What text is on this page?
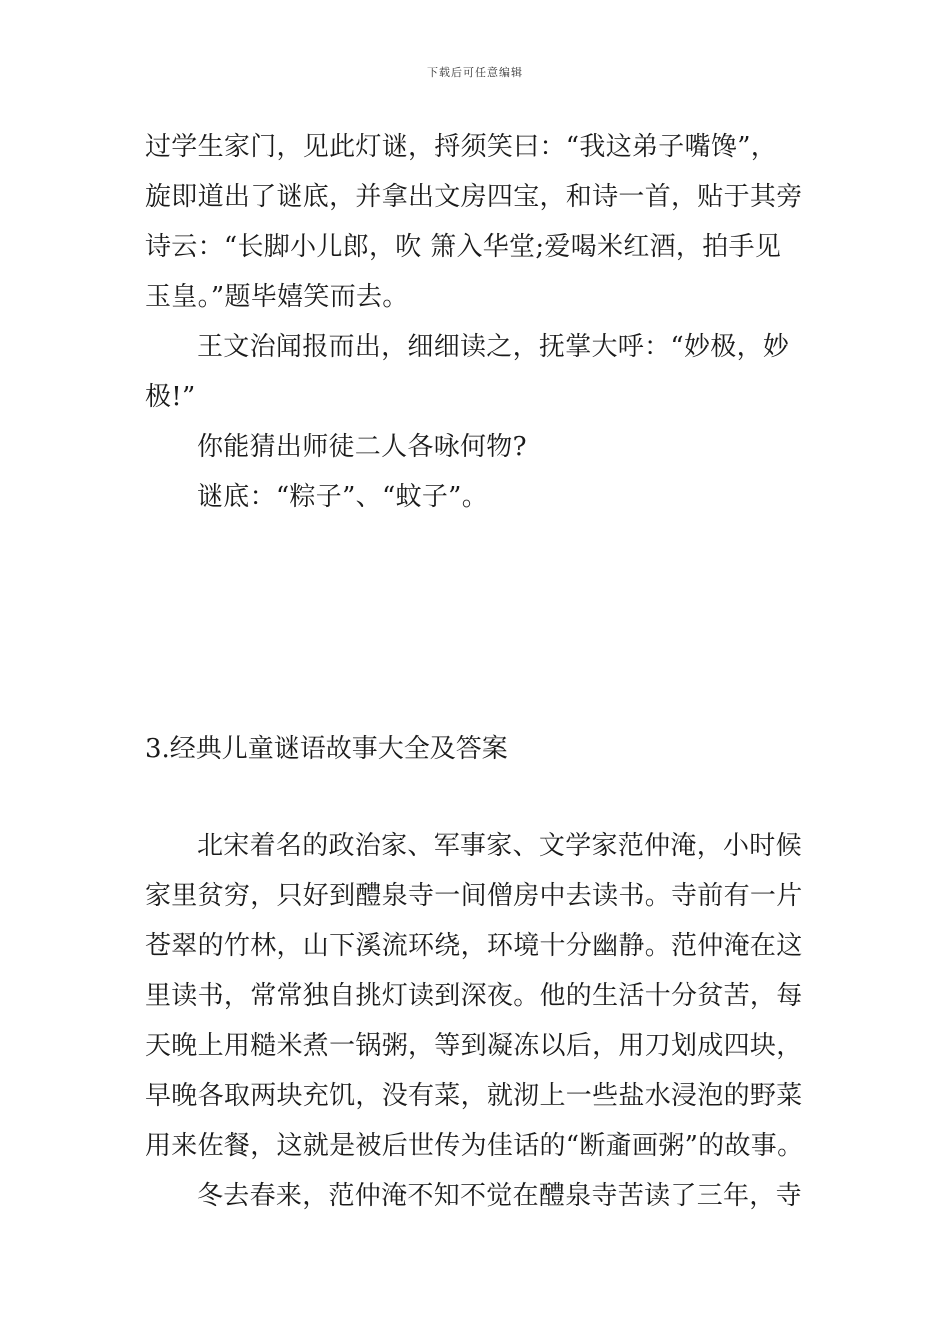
下载后可任意编辑
过学生家门，见此灯谜，捋须笑曰：“我这弟子嘴馋”，
旋即道出了谜底，并拿出文房四宝，和诗一首，贴于其旁
诗云：“长脚小儿郎，吹 箫入华堂;爱喝米红酒，拍手见
玉皇。”题毕嬉笑而去。
王文治闻报而出，细细读之，抚掌大呼：“妙极，妙
极!”
你能猜出师徒二人各咏何物?
谜底：“粽子”、“蚊子”。
3.经典儿童谜语故事大全及答案
北宋着名的政治家、军事家、文学家范仲淹，小时候
家里贫穷，只好到醴泉寺一间僧房中去读书。寺前有一片
苍翠的竹林，山下溪流环绕，环境十分幽静。范仲淹在这
里读书，常常独自挑灯读到深夜。他的生活十分贫苦，每
天晚上用糙米煮一锅粥，等到凝冻以后，用刀划成四块，
早晚各取两块充饥，没有菜，就沏上一些盐水浸泡的野菜
用来佐餐，这就是被后世传为佳话的“断齑画粥”的故事。
冬去春来，范仲淹不知不觉在醴泉寺苦读了三年，寺
